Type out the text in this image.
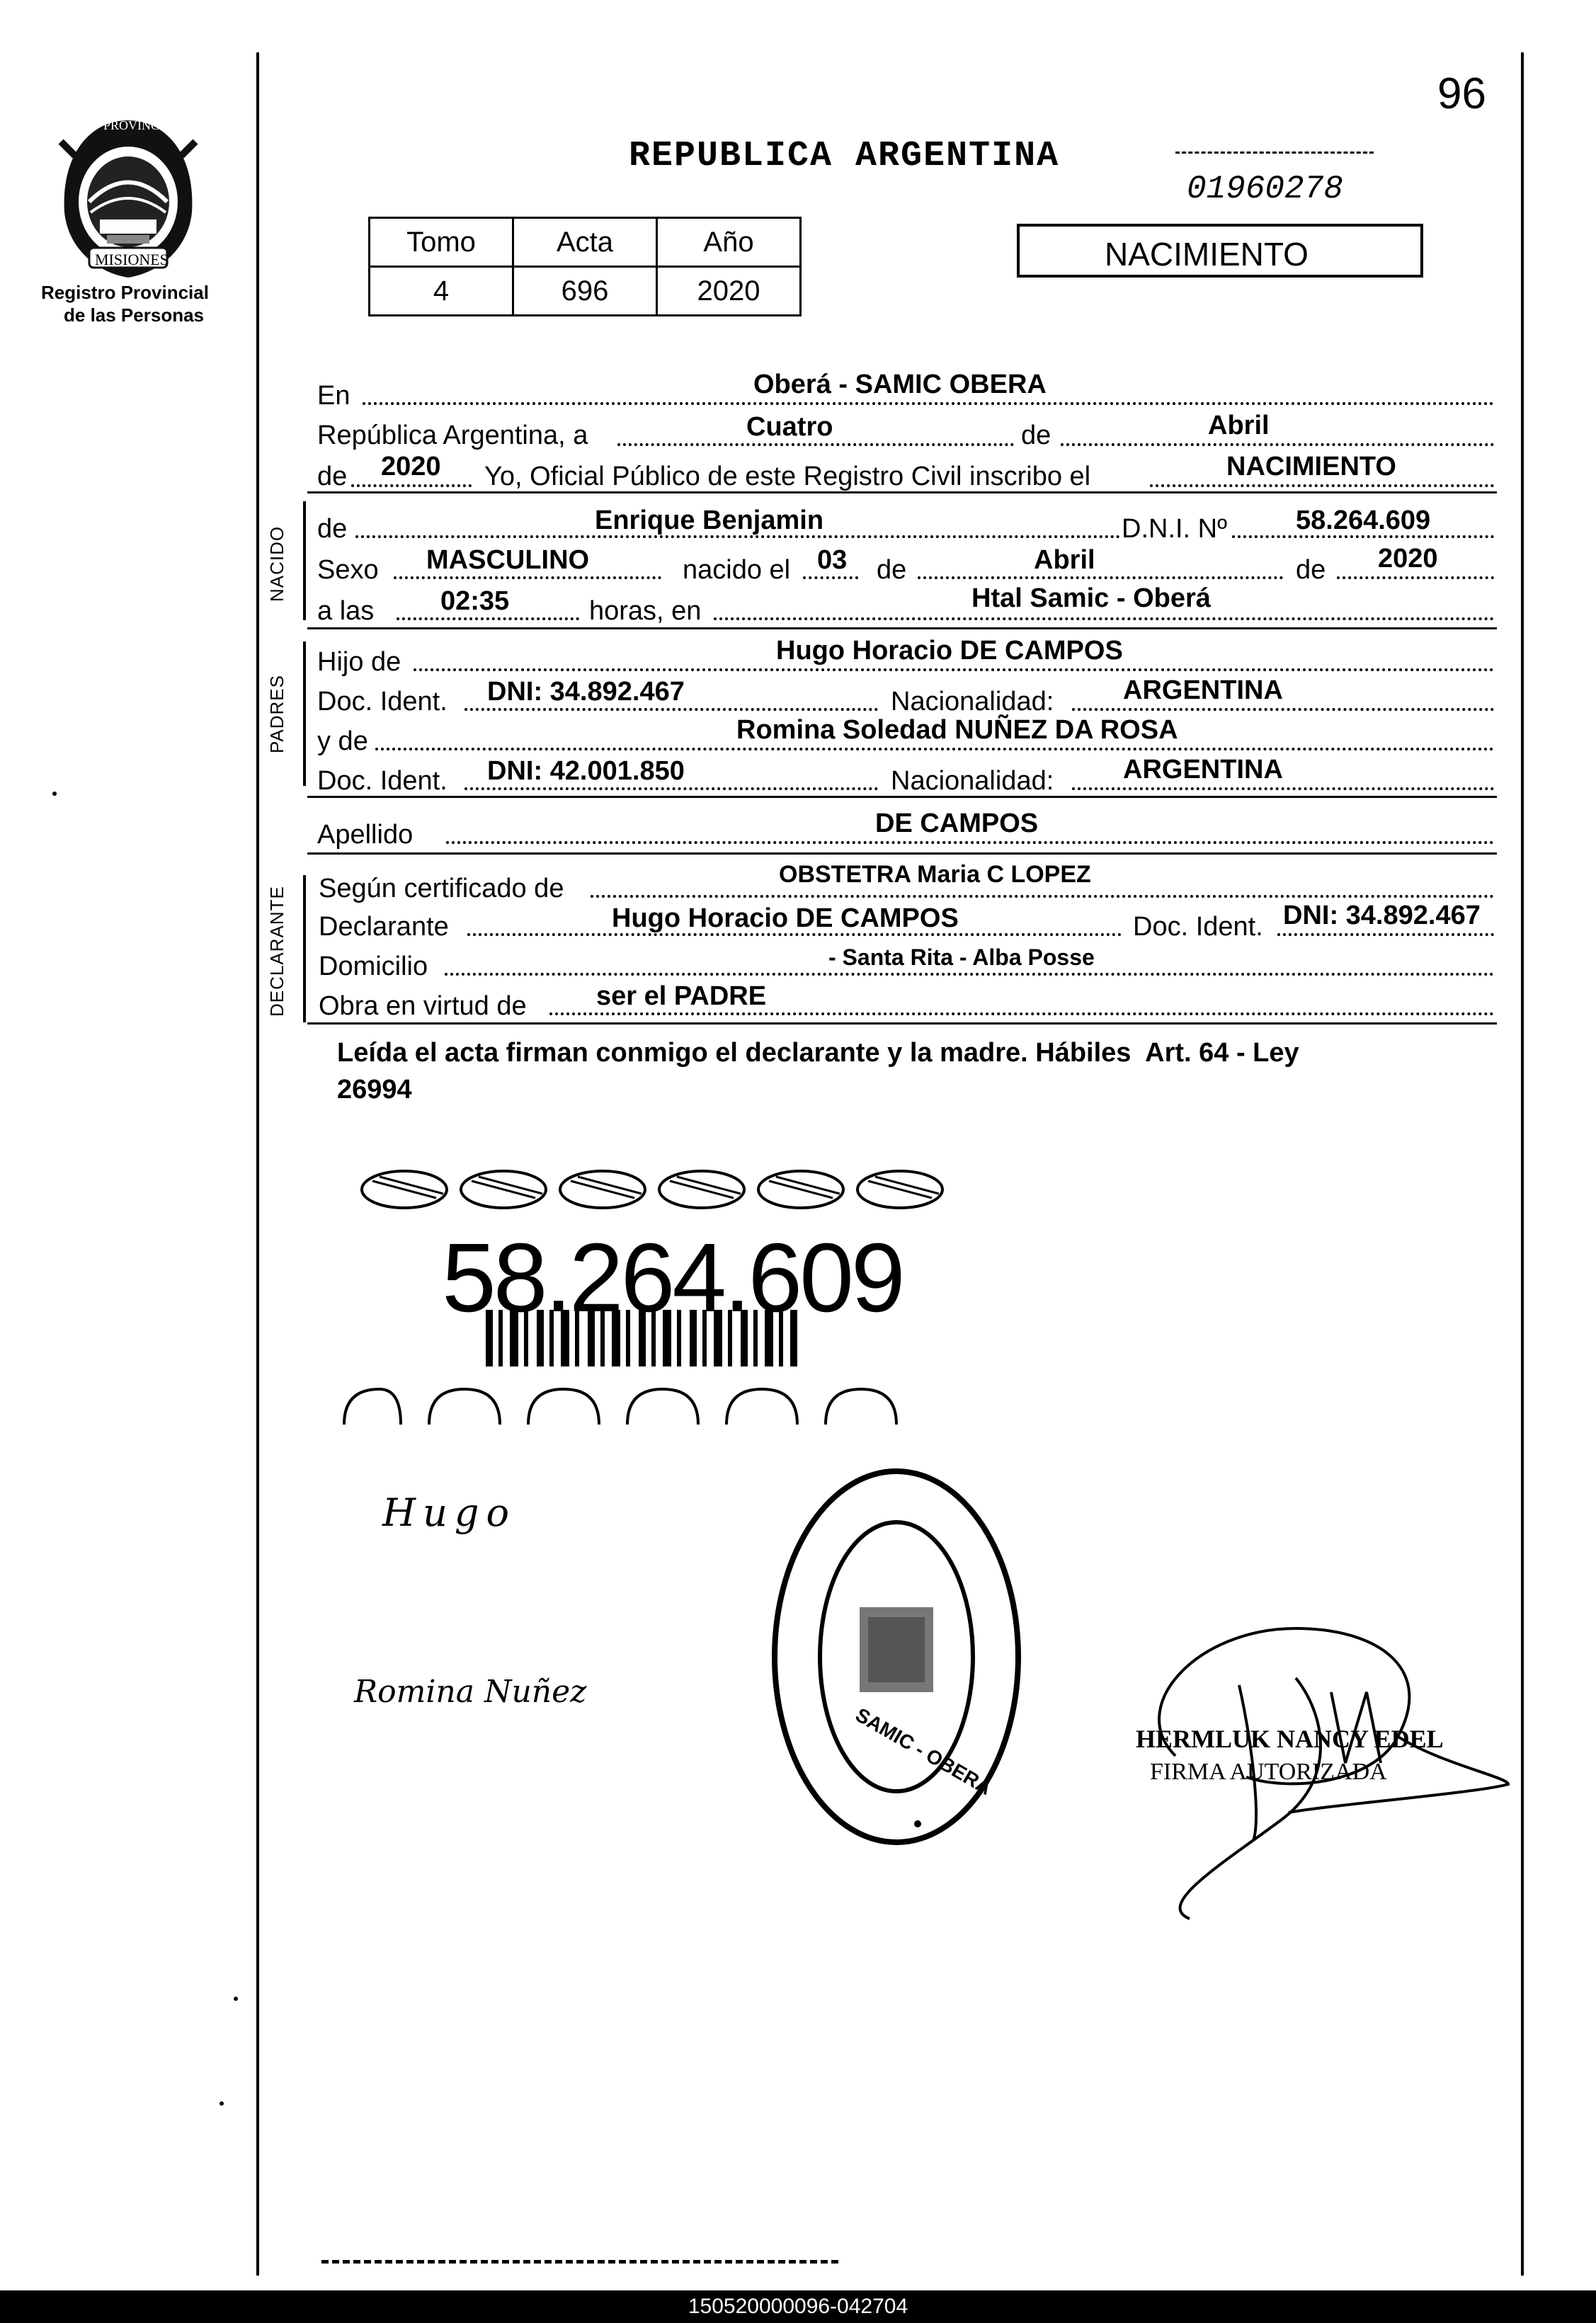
96
PROVINCIA DE
MISIONES
Registro Provincial
de las Personas
REPUBLICA ARGENTINA
01960278
Tomo	Acta	Año
4	696	2020
NACIMIENTO
En	Oberá - SAMIC OBERA
República Argentina, a	Cuatro	de	Abril
de 2020 Yo, Oficial Público de este Registro Civil inscribo el	NACIMIENTO
NACIDO de	Enrique Benjamin	D.N.I. Nº	58.264.609
Sexo MASCULINO	nacido el 03 de	Abril	de 2020
a las 02:35	horas, en	Htal Samic - Oberá
PADRES
Hijo de	Hugo Horacio DE CAMPOS
Doc. Ident. DNI: 34.892.467	Nacionalidad:	ARGENTINA
y de	Romina Soledad NUÑEZ DA ROSA
Doc. Ident. DNI: 42.001.850	Nacionalidad:	ARGENTINA
Apellido	DE CAMPOS
DECLARANTE Según certificado de	OBSTETRA Maria C LOPEZ
Declarante	Hugo Horacio DE CAMPOS	Doc. Ident. DNI: 34.892.467
Domicilio	- Santa Rita - Alba Posse
Obra en virtud de	ser el PADRE
Leída el acta firman conmigo el declarante y la madre. Hábiles  Art. 64 - Ley
26994
58.264.609
Hugo
Romina Nuñez
SAMIC - OBERA	HERMLUK NANCY EDEL
FIRMA AUTORIZADA
150520000096-042704
